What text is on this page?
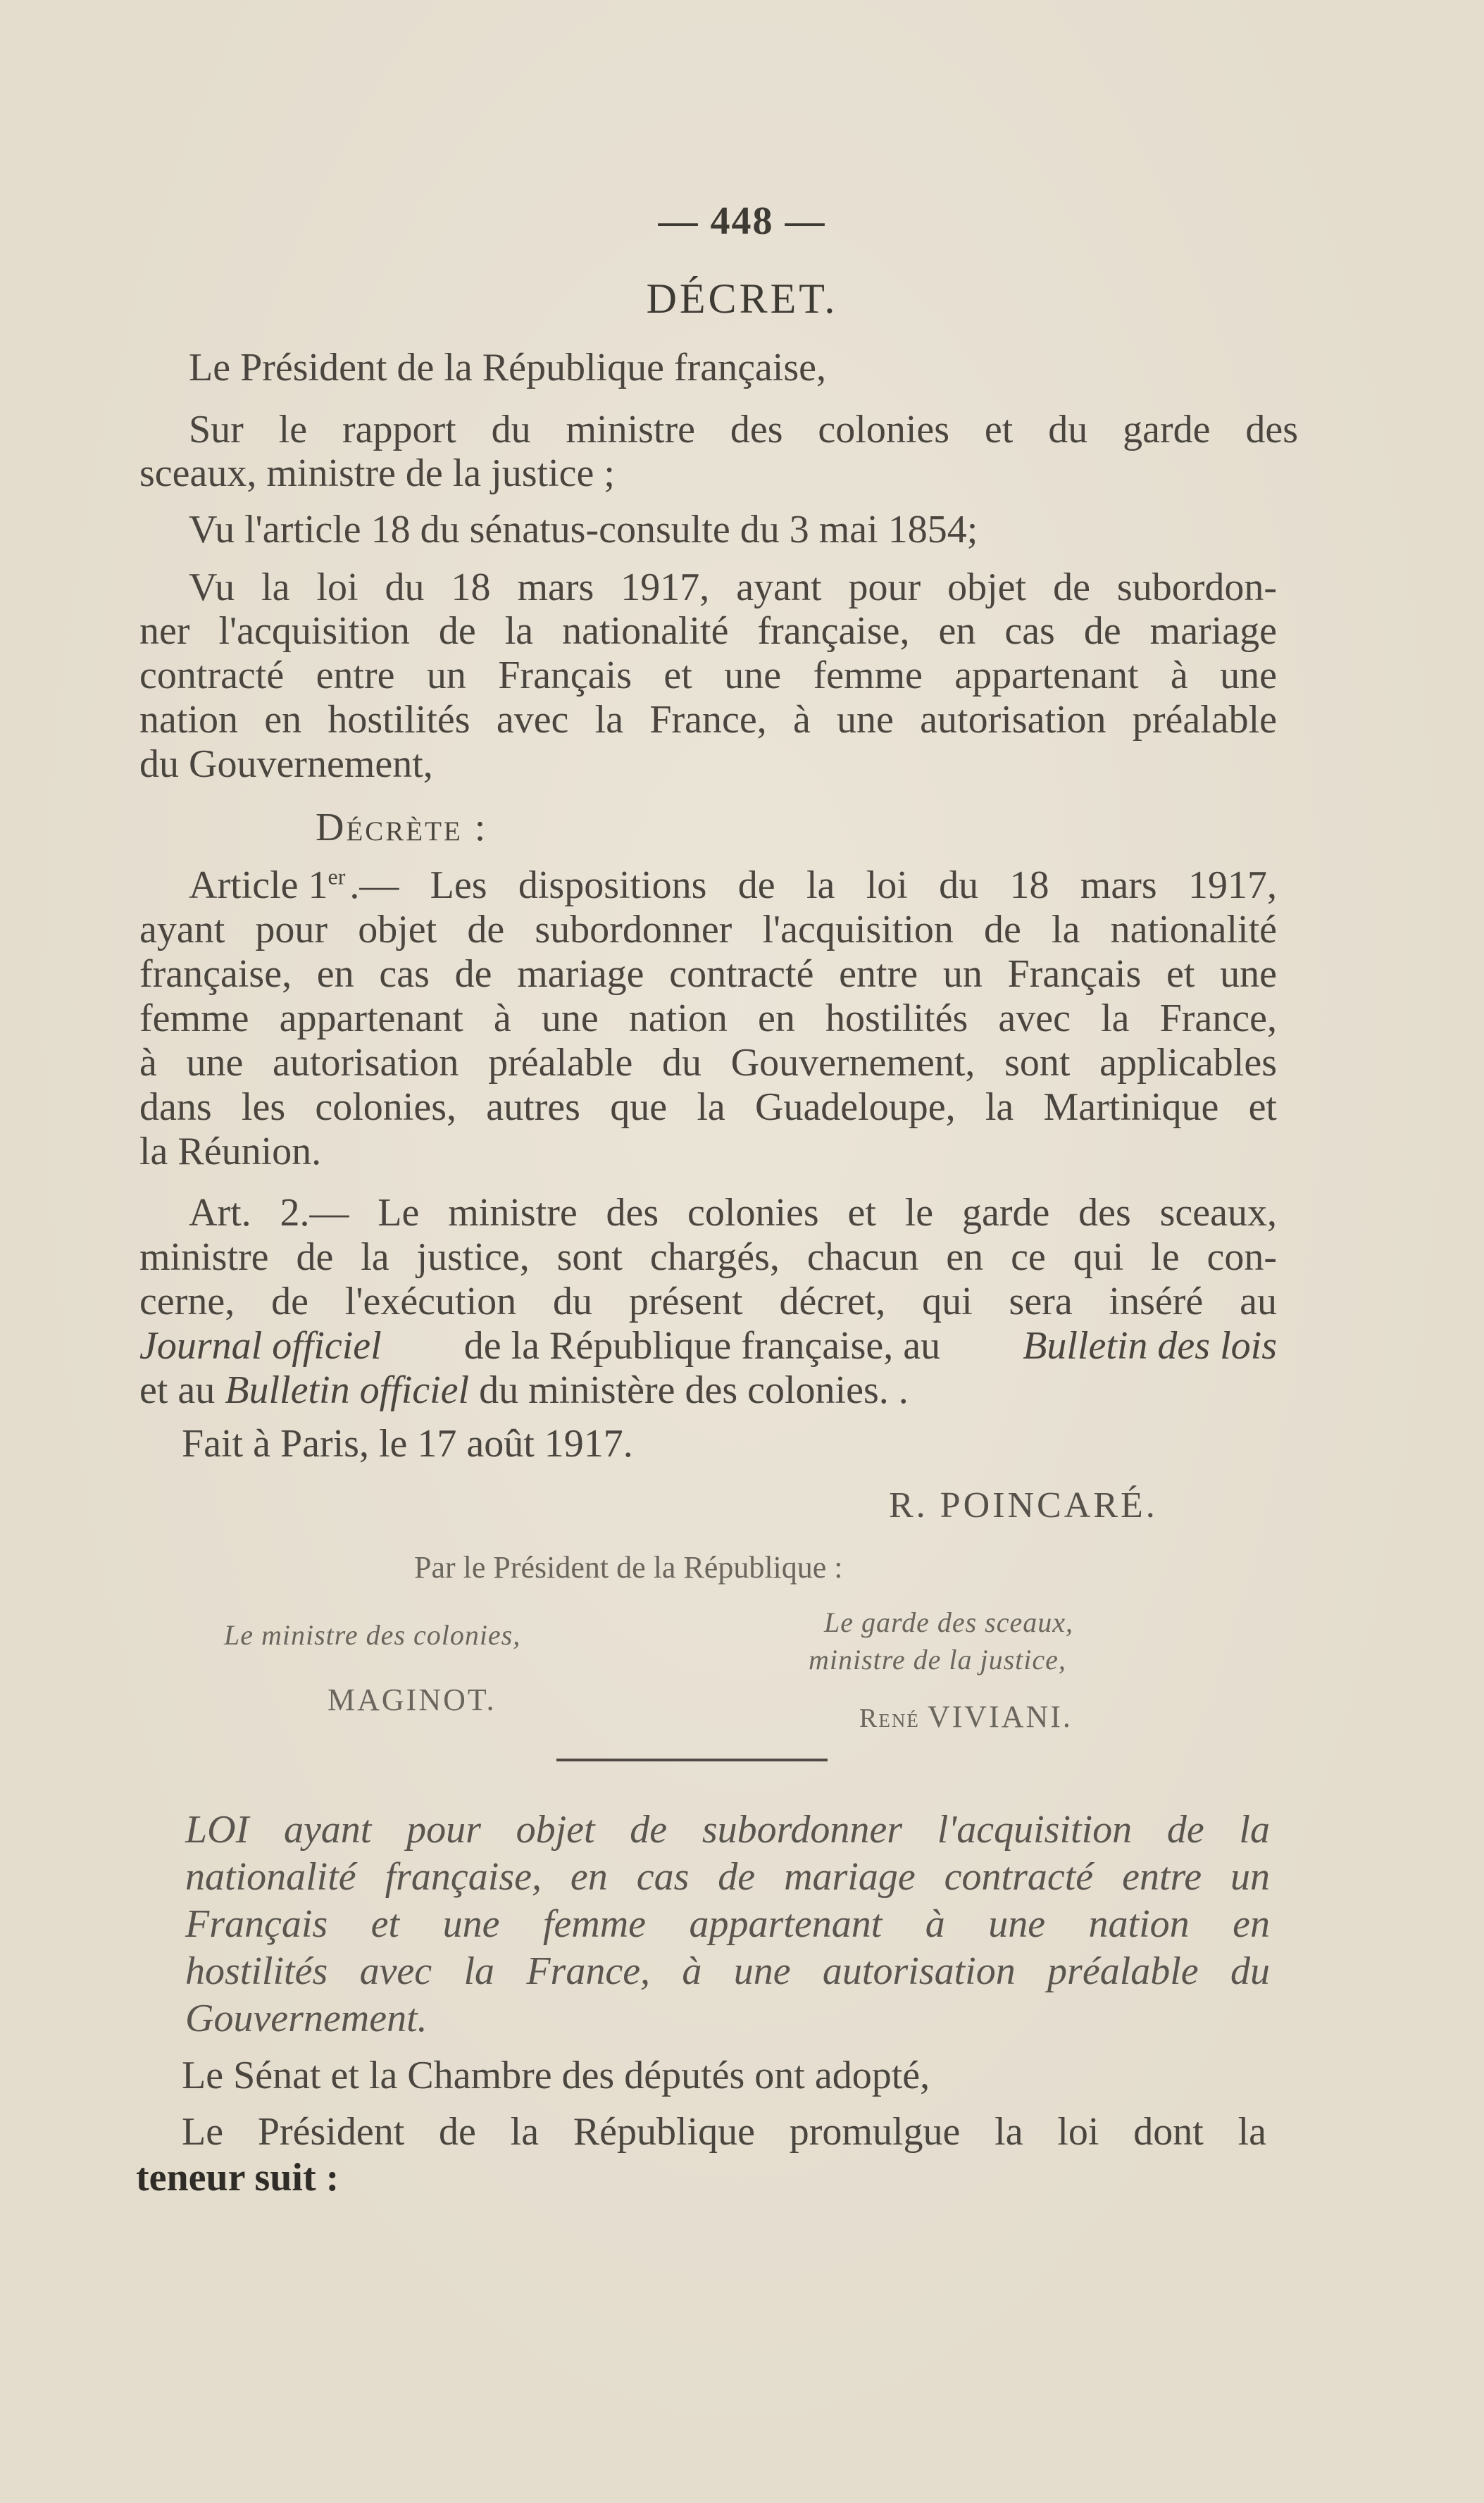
— 448 —
DÉCRET.
Le Président de la République française,
Sur le rapport du ministre des colonies et du garde des
sceaux, ministre de la justice ;
Vu l'article 18 du sénatus-consulte du 3 mai 1854;
Vu la loi du 18 mars 1917, ayant pour objet de subordon-
ner l'acquisition de la nationalité française, en cas de mariage
contracté entre un Français et une femme appartenant à une
nation en hostilités avec la France, à une autorisation préalable
du Gouvernement,
Décrète :
Article 1er .— Les dispositions de la loi du 18 mars 1917,
ayant pour objet de subordonner l'acquisition de la nationalité
française, en cas de mariage contracté entre un Français et une
femme appartenant à une nation en hostilités avec la France,
à une autorisation préalable du Gouvernement, sont applicables
dans les colonies, autres que la Guadeloupe, la Martinique et
la Réunion.
Art. 2.— Le ministre des colonies et le garde des sceaux,
ministre de la justice, sont chargés, chacun en ce qui le con-
cerne, de l'exécution du présent décret, qui sera inséré au
Journal officiel de la République française, au Bulletin des lois
et au Bulletin officiel du ministère des colonies. .
Fait à Paris, le 17 août 1917.
R. POINCARÉ.
Par le Président de la République :
Le ministre des colonies,
MAGINOT.
Le garde des sceaux,
ministre de la justice,
René VIVIANI.
LOI ayant pour objet de subordonner l'acquisition de la
nationalité française, en cas de mariage contracté entre un
Français et une femme appartenant à une nation en
hostilités avec la France, à une autorisation préalable du
Gouvernement.
Le Sénat et la Chambre des députés ont adopté,
Le Président de la République promulgue la loi dont la
teneur suit :
